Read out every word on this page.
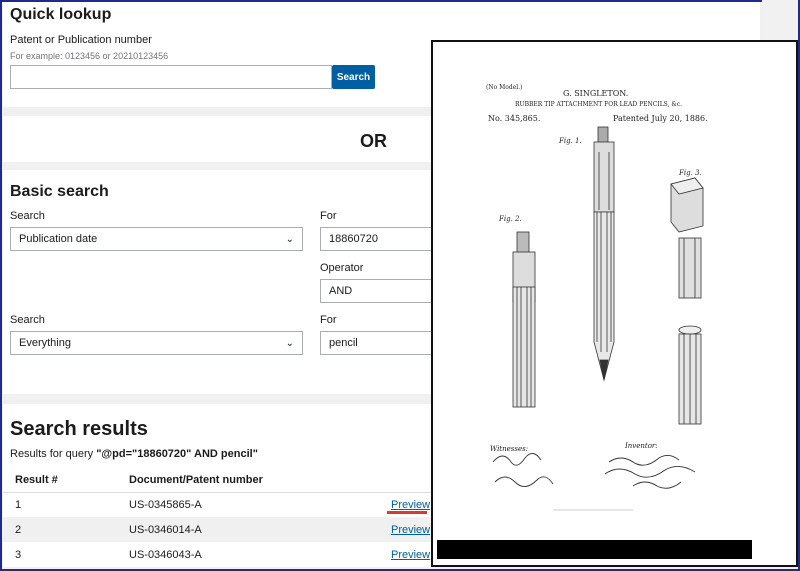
Quick lookup
Patent or Publication number
For example: 0123456 or 20210123456
Search
OR
Basic search
Search
Publication date	⌄
For
18860720
Operator
AND
Search
Everything	⌄
For
pencil
Search results
Results for query "@pd="18860720" AND pencil"
Result #	Document/Patent number
1	US-0345865-A	Preview
2	US-0346014-A	Preview
3	US-0346043-A	Preview
(No Model.)
G. SINGLETON.
RUBBER TIP ATTACHMENT FOR LEAD PENCILS, &c.
No. 345,865.	Patented July 20, 1886.
Fig. 1.
Fig. 2.
Fig. 3.
Witnesses:	Inventor:
